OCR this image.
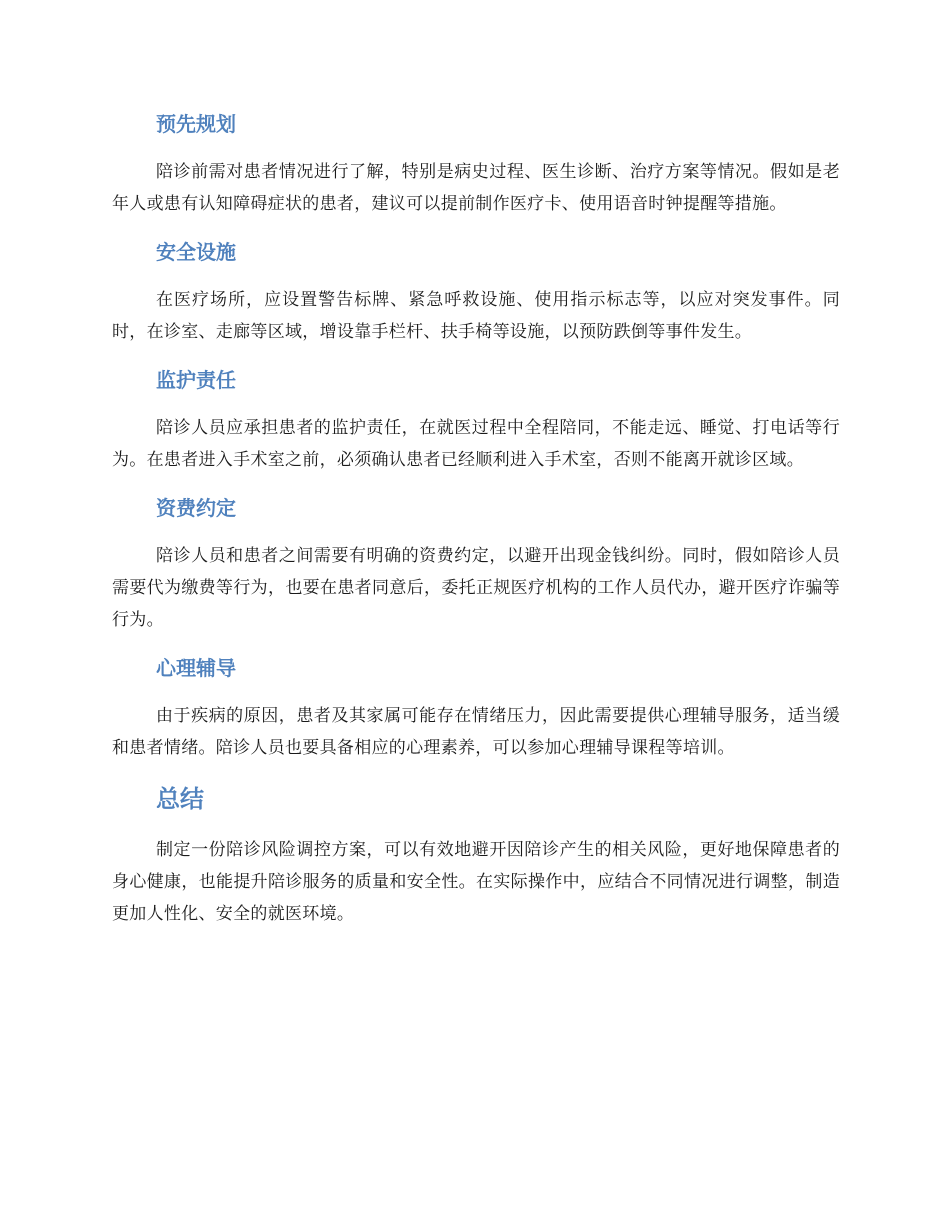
预先规划

陪诊前需对患者情况进行了解，特别是病史过程、医生诊断、治疗方案等情况。假如是老年人或患有认知障碍症状的患者，建议可以提前制作医疗卡、使用语音时钟提醒等措施。

安全设施

在医疗场所，应设置警告标牌、紧急呼救设施、使用指示标志等，以应对突发事件。同时，在诊室、走廊等区域，增设靠手栏杆、扶手椅等设施，以预防跌倒等事件发生。

监护责任

陪诊人员应承担患者的监护责任，在就医过程中全程陪同，不能走远、睡觉、打电话等行为。在患者进入手术室之前，必须确认患者已经顺利进入手术室，否则不能离开就诊区域。

资费约定

陪诊人员和患者之间需要有明确的资费约定，以避开出现金钱纠纷。同时，假如陪诊人员需要代为缴费等行为，也要在患者同意后，委托正规医疗机构的工作人员代办，避开医疗诈骗等行为。

心理辅导

由于疾病的原因，患者及其家属可能存在情绪压力，因此需要提供心理辅导服务，适当缓和患者情绪。陪诊人员也要具备相应的心理素养，可以参加心理辅导课程等培训。

总结

制定一份陪诊风险调控方案，可以有效地避开因陪诊产生的相关风险，更好地保障患者的身心健康，也能提升陪诊服务的质量和安全性。在实际操作中，应结合不同情况进行调整，制造更加人性化、安全的就医环境。
